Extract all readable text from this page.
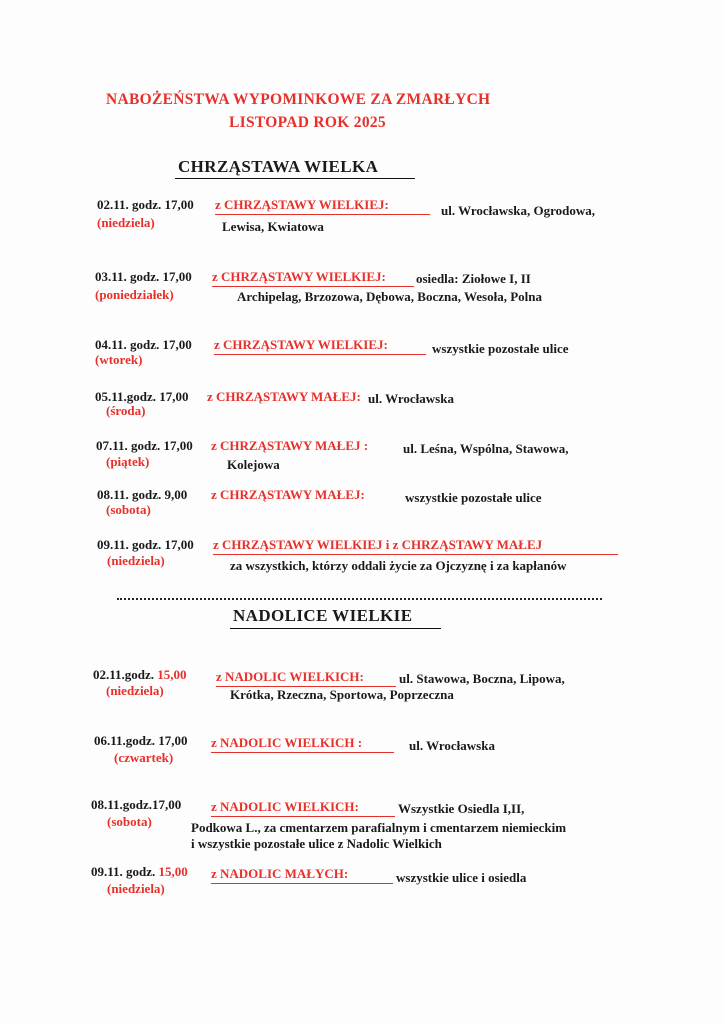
NABOŻEŃSTWA WYPOMINKOWE ZA ZMARŁYCH
LISTOPAD ROK 2025
CHRZĄSTAWA WIELKA
02.11. godz. 17,00
(niedziela)
z CHRZĄSTAWY WIELKIEJ:	ul. Wrocławska, Ogrodowa,
Lewisa, Kwiatowa
03.11. godz. 17,00
(poniedziałek)
z CHRZĄSTAWY WIELKIEJ: osiedla: Ziołowe I, II
Archipelag, Brzozowa, Dębowa, Boczna, Wesoła, Polna
04.11. godz. 17,00
(wtorek)
z CHRZĄSTAWY WIELKIEJ:	wszystkie pozostałe ulice
05.11.godz. 17,00
(środa)
z CHRZĄSTAWY MAŁEJ: ul. Wrocławska
07.11. godz. 17,00
(piątek)
z CHRZĄSTAWY MAŁEJ :	ul. Leśna, Wspólna, Stawowa,
Kolejowa
08.11. godz. 9,00
(sobota)
z CHRZĄSTAWY MAŁEJ:	wszystkie pozostałe ulice
09.11. godz. 17,00
(niedziela)
z CHRZĄSTAWY WIELKIEJ i z CHRZĄSTAWY MAŁEJ
za wszystkich, którzy oddali życie za Ojczyznę i za kapłanów
NADOLICE WIELKIE
02.11.godz. 15,00
(niedziela)
z NADOLIC WIELKICH:	ul. Stawowa, Boczna, Lipowa,
Krótka, Rzeczna, Sportowa, Poprzeczna
06.11.godz. 17,00
(czwartek)
z NADOLIC WIELKICH :	ul. Wrocławska
08.11.godz.17,00
(sobota)
z NADOLIC WIELKICH:	Wszystkie Osiedla I,II,
Podkowa L., za cmentarzem parafialnym i cmentarzem niemieckim
i wszystkie pozostałe ulice z Nadolic Wielkich
09.11. godz. 15,00
(niedziela)
z NADOLIC MAŁYCH:	wszystkie ulice i osiedla
